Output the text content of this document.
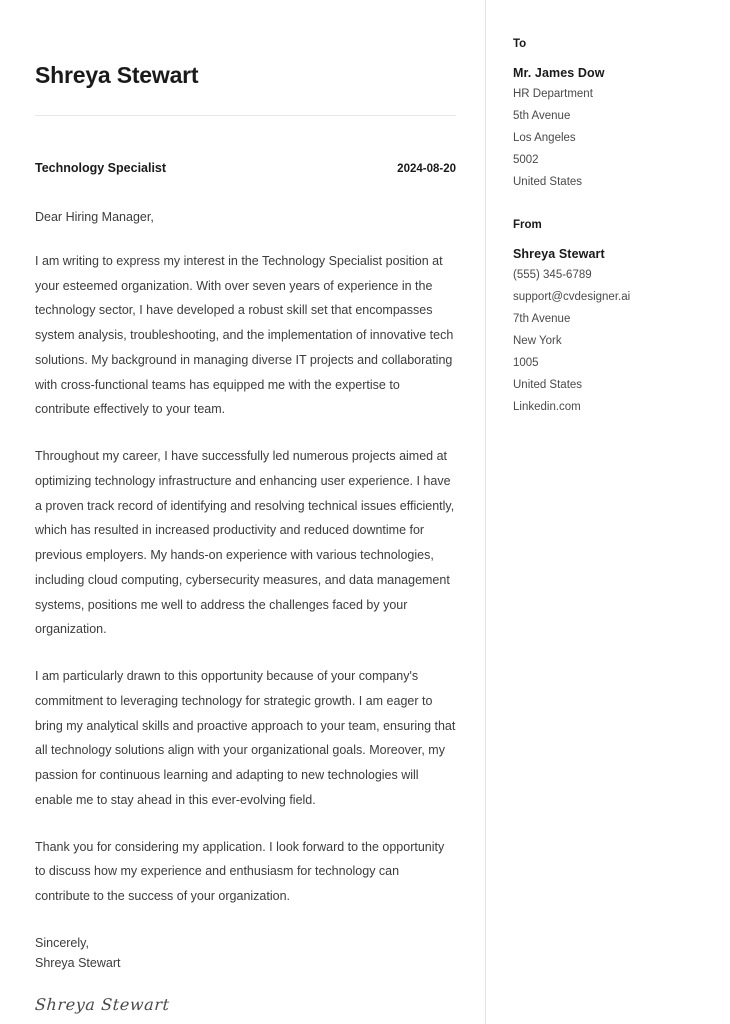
Shreya Stewart
Technology Specialist	2024-08-20

Dear Hiring Manager,

I am writing to express my interest in the Technology Specialist position at your esteemed organization. With over seven years of experience in the technology sector, I have developed a robust skill set that encompasses system analysis, troubleshooting, and the implementation of innovative tech solutions. My background in managing diverse IT projects and collaborating with cross-functional teams has equipped me with the expertise to contribute effectively to your team.

Throughout my career, I have successfully led numerous projects aimed at optimizing technology infrastructure and enhancing user experience. I have a proven track record of identifying and resolving technical issues efficiently, which has resulted in increased productivity and reduced downtime for previous employers. My hands-on experience with various technologies, including cloud computing, cybersecurity measures, and data management systems, positions me well to address the challenges faced by your organization.

I am particularly drawn to this opportunity because of your company's commitment to leveraging technology for strategic growth. I am eager to bring my analytical skills and proactive approach to your team, ensuring that all technology solutions align with your organizational goals. Moreover, my passion for continuous learning and adapting to new technologies will enable me to stay ahead in this ever-evolving field.

Thank you for considering my application. I look forward to the opportunity to discuss how my experience and enthusiasm for technology can contribute to the success of your organization.

Sincerely,
Shreya Stewart
Shreya Stewart
To
Mr. James Dow
HR Department
5th Avenue
Los Angeles
5002
United States
From
Shreya Stewart
(555) 345-6789
support@cvdesigner.ai
7th Avenue
New York
1005
United States
Linkedin.com
